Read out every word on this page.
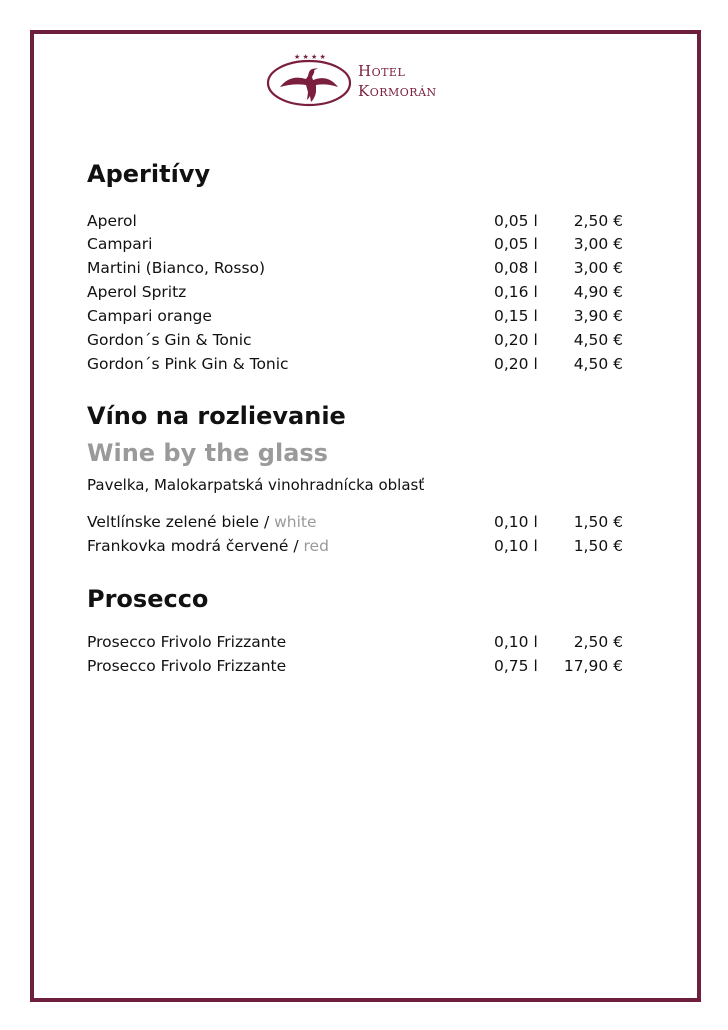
★ ★ ★ ★
Hotel
Kormorán
Aperitívy
Aperol	0,05 l 2,50 €
Campari	0,05 l 3,00 €
Martini (Bianco, Rosso)	0,08 l 3,00 €
Aperol Spritz	0,16 l 4,90 €
Campari orange	0,15 l 3,90 €
Gordon´s Gin & Tonic	0,20 l 4,50 €
Gordon´s Pink Gin & Tonic	0,20 l 4,50 €
Víno na rozlievanie
Wine by the glass
Pavelka, Malokarpatská vinohradnícka oblasť
Veltlínske zelené biele / white	0,10 l 1,50 €
Frankovka modrá červené / red	0,10 l 1,50 €
Prosecco
Prosecco Frivolo Frizzante	0,10 l 2,50 €
Prosecco Frivolo Frizzante	0,75 l 17,90 €
